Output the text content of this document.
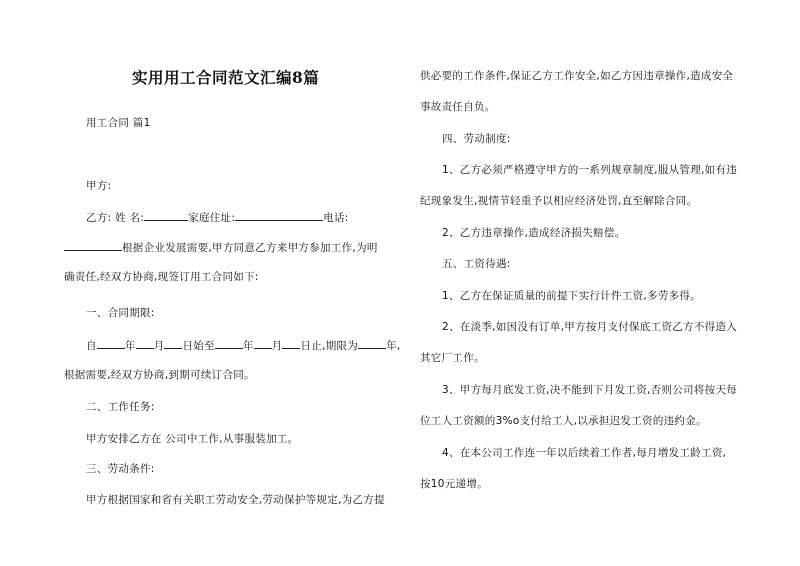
实用用工合同范文汇编8篇
用工合同 篇1
甲方:
乙方: 姓 名:	家庭住址:	电话:
根据企业发展需要,甲方同意乙方来甲方参加工作,为明
确责任,经双方协商,现签订用工合同如下:
一、合同期限:
自	年 月 日始至	年 月 日止,期限为	年,
根据需要,经双方协商,到期可续订合同。
二、工作任务:
甲方安排乙方在 公司中工作,从事服装加工。
三、劳动条件:
甲方根据国家和省有关职工劳动安全,劳动保护等规定,为乙方提
供必要的工作条件,保证乙方工作安全,如乙方因违章操作,造成安全
事故责任自负。
四、劳动制度:
1、乙方必须严格遵守甲方的一系列规章制度,服从管理,如有违
纪现象发生,视情节轻重予以相应经济处罚,直至解除合同。
2、乙方违章操作,造成经济损失赔偿。
五、工资待遇:
1、乙方在保证质量的前提下实行计件工资,多劳多得。
2、在淡季,如因没有订单,甲方按月支付保底工资乙方不得造入
其它厂工作。
3、甲方每月底发工资,决不能到下月发工资,否则公司将按天每
位工人工资额的3%o支付给工人,以承担迟发工资的违约金。
4、在本公司工作连一年以后续着工作者,每月增发工龄工资,
按10元递增。
